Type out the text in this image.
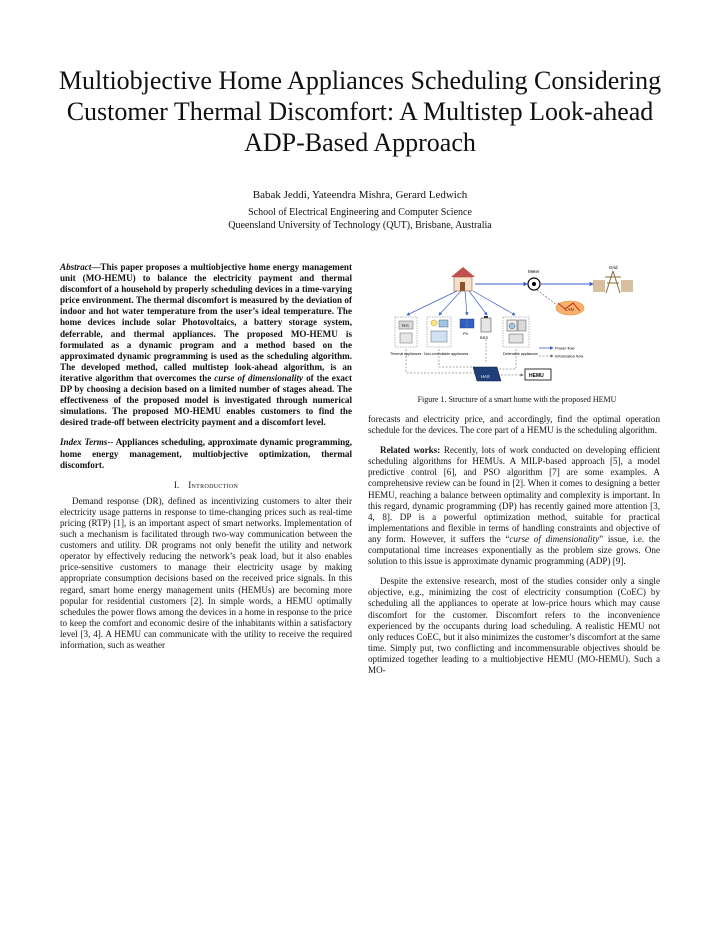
Multiobjective Home Appliances Scheduling Considering Customer Thermal Discomfort: A Multistep Look-ahead ADP-Based Approach
Babak Jeddi, Yateendra Mishra, Gerard Ledwich
School of Electrical Engineering and Computer Science
Queensland University of Technology (QUT), Brisbane, Australia

Abstract—This paper proposes a multiobjective home energy management unit (MO-HEMU) to balance the electricity payment and thermal discomfort of a household by properly scheduling devices in a time-varying price environment. The thermal discomfort is measured by the deviation of indoor and hot water temperature from the user’s ideal temperature. The home devices include solar Photovoltaics, a battery storage system, deferrable, and thermal appliances. The proposed MO-HEMU is formulated as a dynamic program and a method based on the approximated dynamic programming is used as the scheduling algorithm. The developed method, called multistep look-ahead algorithm, is an iterative algorithm that overcomes the curse of dimensionality of the exact DP by choosing a decision based on a limited number of stages ahead. The effectiveness of the proposed model is investigated through numerical simulations. The proposed MO-HEMU enables customers to find the desired trade-off between electricity payment and a discomfort level.

Index Terms-- Appliances scheduling, approximate dynamic programming, home energy management, multiobjective optimization, thermal discomfort.

I. Introduction

Demand response (DR), defined as incentivizing customers to alter their electricity usage patterns in response to time-changing prices such as real-time pricing (RTP) [1], is an important aspect of smart networks. Implementation of such a mechanism is facilitated through two-way communication between the customers and utility. DR programs not only benefit the utility and network operator by effectively reducing the network’s peak load, but it also enables price-sensitive customers to manage their electricity usage by making appropriate consumption decisions based on the received price signals. In this regard, smart home energy management units (HEMUs) are becoming more popular for residential customers [2]. In simple words, a HEMU optimally schedules the power flows among the devices in a home in response to the price to keep the comfort and economic desire of the inhabitants within a satisfactory level [3, 4]. A HEMU can communicate with the utility to receive the required information, such as weather

Meter
Grid
LAN
TES
Thermal appliances Non-controllable appliances
PV
BSS
Deferrable appliances
Power flow
Information flow
HAS	HEMU
Figure 1. Structure of a smart home with the proposed HEMU

forecasts and electricity price, and accordingly, find the optimal operation schedule for the devices. The core part of a HEMU is the scheduling algorithm.

Related works: Recently, lots of work conducted on developing efficient scheduling algorithms for HEMUs. A MILP-based approach [5], a model predictive control [6], and PSO algorithm [7] are some examples. A comprehensive review can be found in [2]. When it comes to designing a better HEMU, reaching a balance between optimality and complexity is important. In this regard, dynamic programming (DP) has recently gained more attention [3, 4, 8]. DP is a powerful optimization method, suitable for practical implementations and flexible in terms of handling constraints and objective of any form. However, it suffers the “curse of dimensionality” issue, i.e. the computational time increases exponentially as the problem size grows. One solution to this issue is approximate dynamic programming (ADP) [9].

Despite the extensive research, most of the studies consider only a single objective, e.g., minimizing the cost of electricity consumption (CoEC) by scheduling all the appliances to operate at low-price hours which may cause discomfort for the customer. Discomfort refers to the inconvenience experienced by the occupants during load scheduling. A realistic HEMU not only reduces CoEC, but it also minimizes the customer’s discomfort at the same time. Simply put, two conflicting and incommensurable objectives should be optimized together leading to a multiobjective HEMU (MO-HEMU). Such a MO-
